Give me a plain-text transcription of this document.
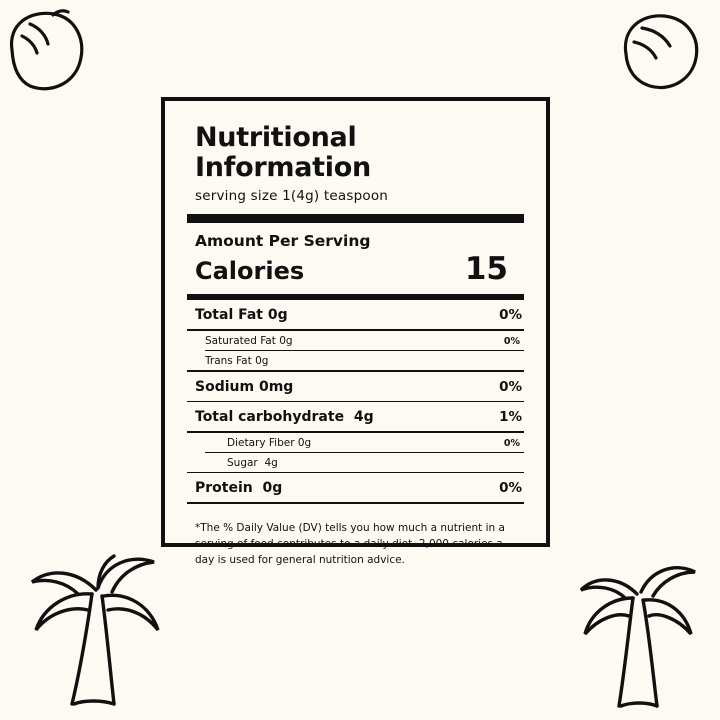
Nutritional Information
serving size 1(4g) teaspoon
Amount Per Serving
Calories	15
Total Fat 0g	0%
Saturated Fat 0g	0%
Trans Fat 0g
Sodium 0mg	0%
Total carbohydrate 4g	1%
Dietary Fiber 0g	0%
Sugar 4g
Protein 0g	0%
*The % Daily Value (DV) tells you how much a nutrient in a serving of food contributes to a daily diet. 2,000 calories a day is used for general nutrition advice.
